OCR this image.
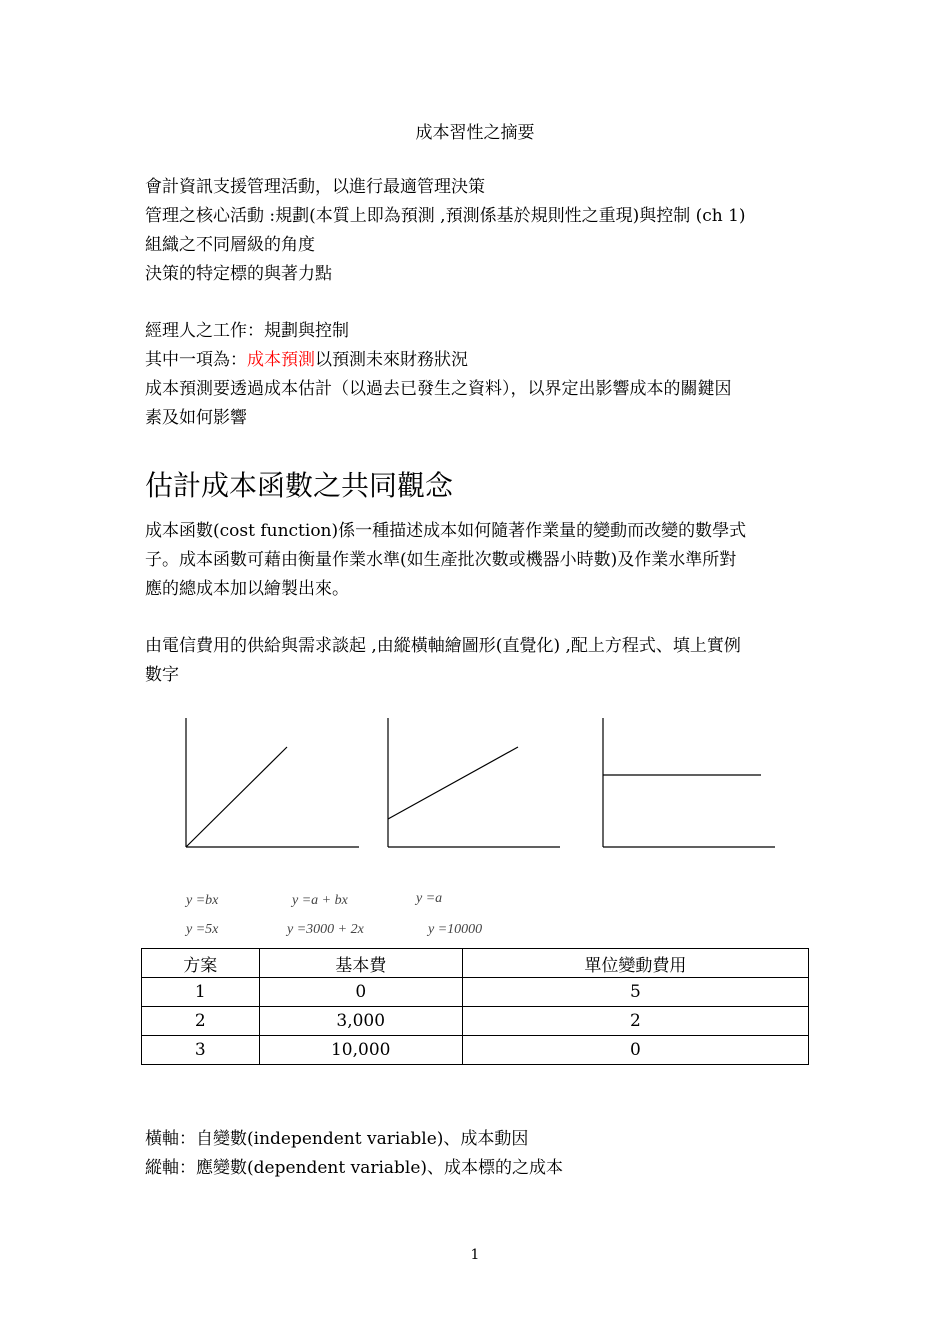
成本習性之摘要
會計資訊支援管理活動，以進行最適管理決策
管理之核心活動 :規劃(本質上即為預測 ,預測係基於規則性之重現)與控制 (ch 1)
組織之不同層級的角度
決策的特定標的與著力點
經理人之工作：規劃與控制
其中一項為：成本預測以預測未來財務狀況
成本預測要透過成本估計（以過去已發生之資料），以界定出影響成本的關鍵因
素及如何影響
估計成本函數之共同觀念
成本函數(cost function)係一種描述成本如何隨著作業量的變動而改變的數學式
子。成本函數可藉由衡量作業水準(如生產批次數或機器小時數)及作業水準所對
應的總成本加以繪製出來。
由電信費用的供給與需求談起 ,由縱橫軸繪圖形(直覺化) ,配上方程式、填上實例
數字
y =bx	y =a + bx	y =a
y =5x	y =3000 + 2x	y =10000
方案	基本費	單位變動費用
1	0	5
2	3,000	2
3	10,000	0
橫軸：自變數(independent variable)、成本動因
縱軸：應變數(dependent variable)、成本標的之成本
1
